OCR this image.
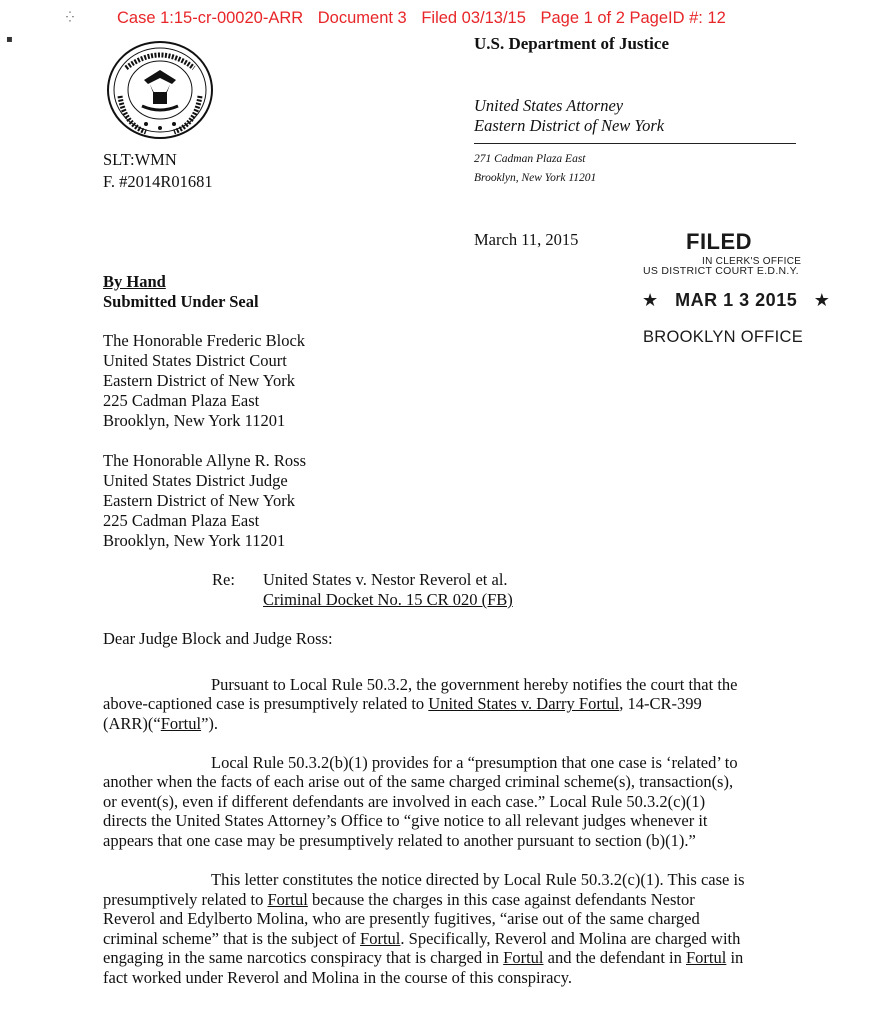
▪
⁛	Case 1:15-cr-00020-ARR Document 3 Filed 03/13/15 Page 1 of 2 PageID #: 12
U.S. Department of Justice
United States Attorney
Eastern District of New York
271 Cadman Plaza East
Brooklyn, New York 11201
SLT:WMN
F. #2014R01681
March 11, 2015	FILED
IN CLERK'S OFFICE
US DISTRICT COURT E.D.N.Y.
★ MAR 1 3 2015 ★
BROOKLYN OFFICE
By Hand
Submitted Under Seal
The Honorable Frederic Block
United States District Court
Eastern District of New York
225 Cadman Plaza East
Brooklyn, New York 11201
The Honorable Allyne R. Ross
United States District Judge
Eastern District of New York
225 Cadman Plaza East
Brooklyn, New York 11201
Re: United States v. Nestor Reverol et al.
Criminal Docket No. 15 CR 020 (FB)
Dear Judge Block and Judge Ross:
Pursuant to Local Rule 50.3.2, the government hereby notifies the court that the
above-captioned case is presumptively related to United States v. Darry Fortul, 14-CR-399
(ARR)(“Fortul”).
Local Rule 50.3.2(b)(1) provides for a “presumption that one case is ‘related’ to
another when the facts of each arise out of the same charged criminal scheme(s), transaction(s),
or event(s), even if different defendants are involved in each case.” Local Rule 50.3.2(c)(1)
directs the United States Attorney’s Office to “give notice to all relevant judges whenever it
appears that one case may be presumptively related to another pursuant to section (b)(1).”
This letter constitutes the notice directed by Local Rule 50.3.2(c)(1). This case is
presumptively related to Fortul because the charges in this case against defendants Nestor
Reverol and Edylberto Molina, who are presently fugitives, “arise out of the same charged
criminal scheme” that is the subject of Fortul. Specifically, Reverol and Molina are charged with
engaging in the same narcotics conspiracy that is charged in Fortul and the defendant in Fortul in
fact worked under Reverol and Molina in the course of this conspiracy.
